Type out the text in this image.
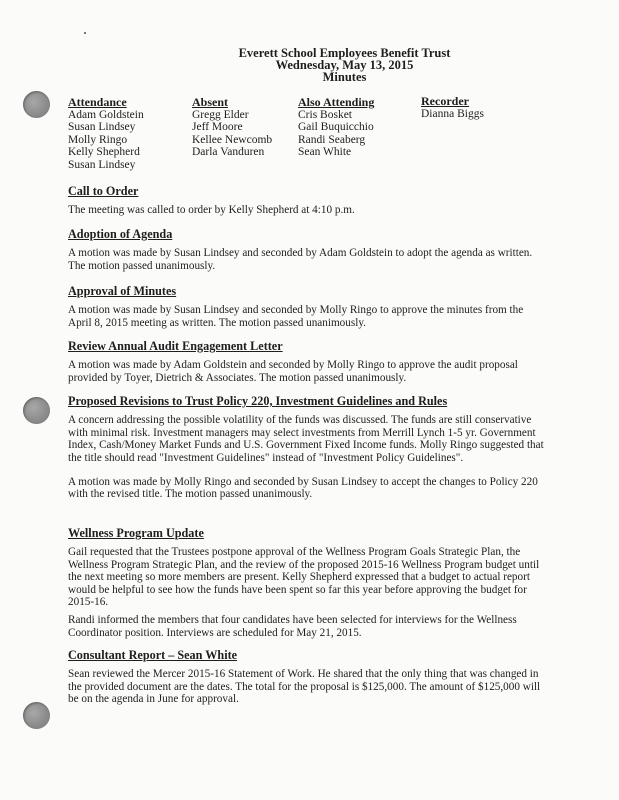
Everett School Employees Benefit Trust
Wednesday, May 13, 2015
Minutes
Attendance
Adam Goldstein
Susan Lindsey
Molly Ringo
Kelly Shepherd
Susan Lindsey
Absent
Gregg Elder
Jeff Moore
Kellee Newcomb
Darla Vanduren
Also Attending
Cris Bosket
Gail Buquicchio
Randi Seaberg
Sean White
Recorder
Dianna Biggs
Call to Order

The meeting was called to order by Kelly Shepherd at 4:10 p.m.

Adoption of Agenda

A motion was made by Susan Lindsey and seconded by Adam Goldstein to adopt the agenda as written. The motion passed unanimously.

Approval of Minutes

A motion was made by Susan Lindsey and seconded by Molly Ringo to approve the minutes from the April 8, 2015 meeting as written. The motion passed unanimously.

Review Annual Audit Engagement Letter

A motion was made by Adam Goldstein and seconded by Molly Ringo to approve the audit proposal provided by Toyer, Dietrich & Associates. The motion passed unanimously.

Proposed Revisions to Trust Policy 220, Investment Guidelines and Rules

A concern addressing the possible volatility of the funds was discussed. The funds are still conservative with minimal risk. Investment managers may select investments from Merrill Lynch 1-5 yr. Government Index, Cash/Money Market Funds and U.S. Government Fixed Income funds. Molly Ringo suggested that the title should read "Investment Guidelines" instead of "Investment Policy Guidelines".

A motion was made by Molly Ringo and seconded by Susan Lindsey to accept the changes to Policy 220 with the revised title. The motion passed unanimously.

Wellness Program Update

Gail requested that the Trustees postpone approval of the Wellness Program Goals Strategic Plan, the Wellness Program Strategic Plan, and the review of the proposed 2015-16 Wellness Program budget until the next meeting so more members are present. Kelly Shepherd expressed that a budget to actual report would be helpful to see how the funds have been spent so far this year before approving the budget for 2015-16.

Randi informed the members that four candidates have been selected for interviews for the Wellness Coordinator position. Interviews are scheduled for May 21, 2015.

Consultant Report – Sean White

Sean reviewed the Mercer 2015-16 Statement of Work. He shared that the only thing that was changed in the provided document are the dates. The total for the proposal is $125,000. The amount of $125,000 will be on the agenda in June for approval.
